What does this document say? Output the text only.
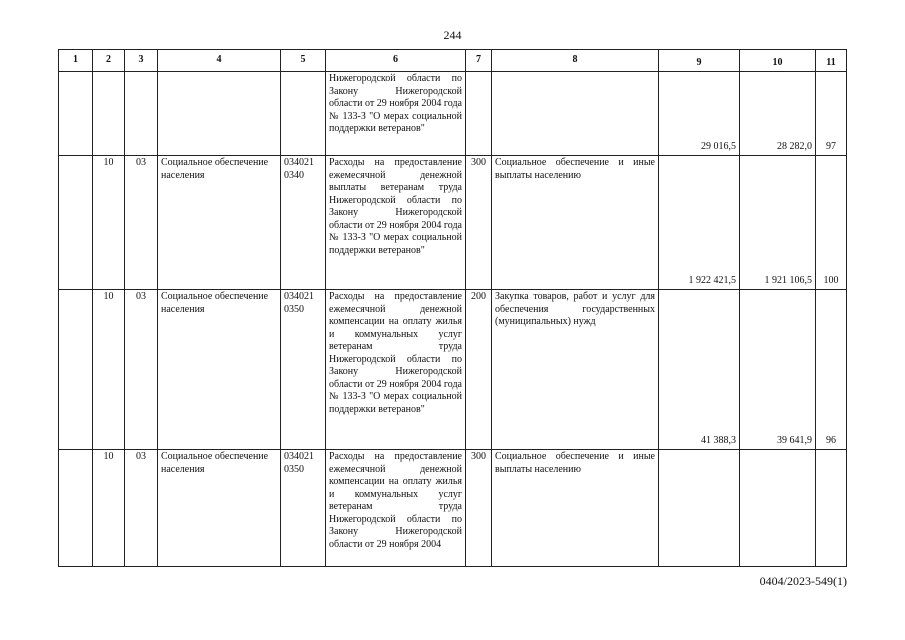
244
1	2	3	4	5	6	7	8	9	10	11
					Нижегородской области по Закону Нижегородской области от 29 ноября 2004 года № 133-З "О мерах социальной поддержки ветеранов"			29 016,5	28 282,0	97
	10	03	Социальное обеспечение населения	034021 0340	Расходы на предоставление ежемесячной денежной выплаты ветеранам труда Нижегородской области по Закону Нижегородской области от 29 ноября 2004 года № 133-З "О мерах социальной поддержки ветеранов"	300	Социальное обеспечение и иные выплаты населению	1 922 421,5	1 921 106,5	100
	10	03	Социальное обеспечение населения	034021 0350	Расходы на предоставление ежемесячной денежной компенсации на оплату жилья и коммунальных услуг ветеранам труда Нижегородской области по Закону Нижегородской области от 29 ноября 2004 года № 133-З "О мерах социальной поддержки ветеранов"	200	Закупка товаров, работ и услуг для обеспечения государственных (муниципальных) нужд	41 388,3	39 641,9	96
	10	03	Социальное обеспечение населения	034021 0350	Расходы на предоставление ежемесячной денежной компенсации на оплату жилья и коммунальных услуг ветеранам труда Нижегородской области по Закону Нижегородской области от 29 ноября 2004	300	Социальное обеспечение и иные выплаты населению			
0404/2023-549(1)
